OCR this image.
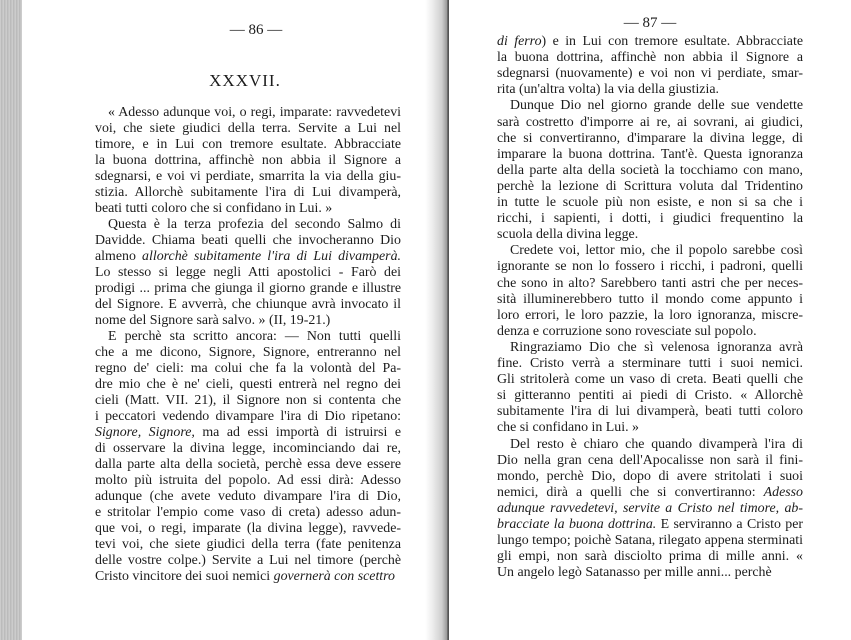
— 86 —
XXXVII.
— 87 —
« Adesso adunque voi, o regi, imparate: ravvedetevi
voi, che siete giudici della terra. Servite a Lui nel
timore, e in Lui con tremore esultate. Abbracciate
la buona dottrina, affinchè non abbia il Signore a
sdegnarsi, e voi vi perdiate, smarrita la via della giu-
stizia. Allorchè subitamente l'ira di Lui divamperà,
beati tutti coloro che si confidano in Lui. »
Questa è la terza profezia del secondo Salmo di
Davidde. Chiama beati quelli che invocheranno Dio
almeno allorchè subitamente l'ira di Lui divamperà.
Lo stesso si legge negli Atti apostolici - Farò dei
prodigi ... prima che giunga il giorno grande e illustre
del Signore. E avverrà, che chiunque avrà invocato il
nome del Signore sarà salvo. » (II, 19-21.)
E perchè sta scritto ancora: — Non tutti quelli
che a me dicono, Signore, Signore, entreranno nel
regno de' cieli: ma colui che fa la volontà del Pa-
dre mio che è ne' cieli, questi entrerà nel regno dei
cieli (Matt. VII. 21), il Signore non si contenta che
i peccatori vedendo divampare l'ira di Dio ripetano:
Signore, Signore, ma ad essi importà di istruirsi e
di osservare la divina legge, incominciando dai re,
dalla parte alta della società, perchè essa deve essere
molto più istruita del popolo. Ad essi dirà: Adesso
adunque (che avete veduto divampare l'ira di Dio,
e stritolar l'empio come vaso di creta) adesso adun-
que voi, o regi, imparate (la divina legge), ravvede-
tevi voi, che siete giudici della terra (fate penitenza
delle vostre colpe.) Servite a Lui nel timore (perchè
Cristo vincitore dei suoi nemici governerà con scettro
di ferro) e in Lui con tremore esultate. Abbracciate
la buona dottrina, affinchè non abbia il Signore a
sdegnarsi (nuovamente) e voi non vi perdiate, smar-
rita (un'altra volta) la via della giustizia.
Dunque Dio nel giorno grande delle sue vendette
sarà costretto d'imporre ai re, ai sovrani, ai giudici,
che si convertiranno, d'imparare la divina legge, di
imparare la buona dottrina. Tant'è. Questa ignoranza
della parte alta della società la tocchiamo con mano,
perchè la lezione di Scrittura voluta dal Tridentino
in tutte le scuole più non esiste, e non si sa che i
ricchi, i sapienti, i dotti, i giudici frequentino la
scuola della divina legge.
Credete voi, lettor mio, che il popolo sarebbe così
ignorante se non lo fossero i ricchi, i padroni, quelli
che sono in alto? Sarebbero tanti astri che per neces-
sità illuminerebbero tutto il mondo come appunto i
loro errori, le loro pazzie, la loro ignoranza, miscre-
denza e corruzione sono rovesciate sul popolo.
Ringraziamo Dio che sì velenosa ignoranza avrà
fine. Cristo verrà a sterminare tutti i suoi nemici.
Gli stritolerà come un vaso di creta. Beati quelli che
si gitteranno pentiti ai piedi di Cristo. « Allorchè
subitamente l'ira di lui divamperà, beati tutti coloro
che si confidano in Lui. »
Del resto è chiaro che quando divamperà l'ira di
Dio nella gran cena dell'Apocalisse non sarà il fini-
mondo, perchè Dio, dopo di avere stritolati i suoi
nemici, dirà a quelli che si convertiranno: Adesso
adunque ravvedetevi, servite a Cristo nel timore, ab-
bracciate la buona dottrina. E serviranno a Cristo per
lungo tempo; poichè Satana, rilegato appena sterminati
gli empi, non sarà disciolto prima di mille anni. «
Un angelo legò Satanasso per mille anni... perchè
